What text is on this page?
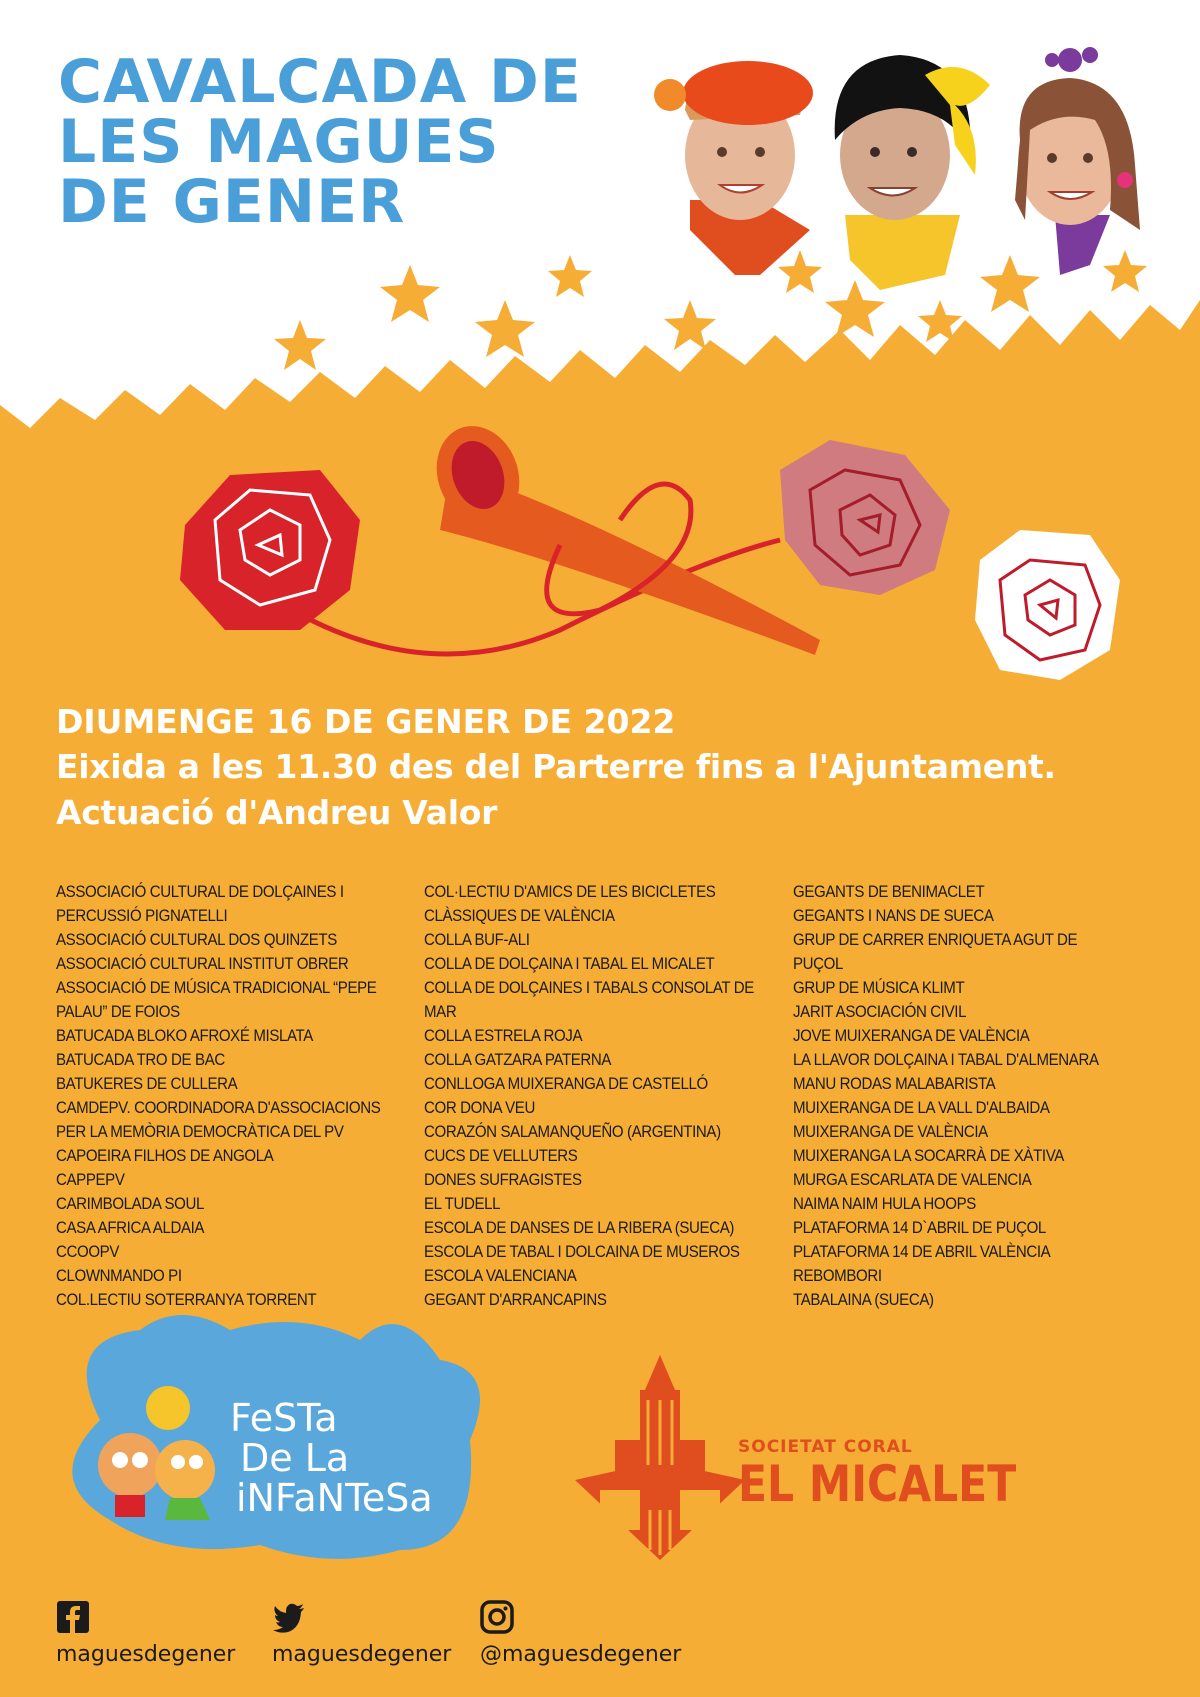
CAVALCADA DE
LES MAGUES
DE GENER
DIUMENGE 16 DE GENER DE 2022
Eixida a les 11.30 des del Parterre fins a l'Ajuntament.
Actuació d'Andreu Valor
ASSOCIACIÓ CULTURAL DE DOLÇAINES I
PERCUSSIÓ PIGNATELLI
ASSOCIACIÓ CULTURAL DOS QUINZETS
ASSOCIACIÓ CULTURAL INSTITUT OBRER
ASSOCIACIÓ DE MÚSICA TRADICIONAL “PEPE
PALAU” DE FOIOS
BATUCADA BLOKO AFROXÉ MISLATA
BATUCADA TRO DE BAC
BATUKERES DE CULLERA
CAMDEPV. COORDINADORA D'ASSOCIACIONS
PER LA MEMÒRIA DEMOCRÀTICA DEL PV
CAPOEIRA FILHOS DE ANGOLA
CAPPEPV
CARIMBOLADA SOUL
CASA AFRICA ALDAIA
CCOOPV
CLOWNMANDO PI
COL.LECTIU SOTERRANYA TORRENT
COL·LECTIU D'AMICS DE LES BICICLETES
CLÀSSIQUES DE VALÈNCIA
COLLA BUF-ALI
COLLA DE DOLÇAINA I TABAL EL MICALET
COLLA DE DOLÇAINES I TABALS CONSOLAT DE
MAR
COLLA ESTRELA ROJA
COLLA GATZARA PATERNA
CONLLOGA MUIXERANGA DE CASTELLÓ
COR DONA VEU
CORAZÓN SALAMANQUEÑO (ARGENTINA)
CUCS DE VELLUTERS
DONES SUFRAGISTES
EL TUDELL
ESCOLA DE DANSES DE LA RIBERA (SUECA)
ESCOLA DE TABAL I DOLCAINA DE MUSEROS
ESCOLA VALENCIANA
GEGANT D'ARRANCAPINS
GEGANTS DE BENIMACLET
GEGANTS I NANS DE SUECA
GRUP DE CARRER ENRIQUETA AGUT DE
PUÇOL
GRUP DE MÚSICA KLIMT
JARIT ASOCIACIÓN CIVIL
JOVE MUIXERANGA DE VALÈNCIA
LA LLAVOR DOLÇAINA I TABAL D'ALMENARA
MANU RODAS MALABARISTA
MUIXERANGA DE LA VALL D'ALBAIDA
MUIXERANGA DE VALÈNCIA
MUIXERANGA LA SOCARRÀ DE XÀTIVA
MURGA ESCARLATA DE VALENCIA
NAIMA NAIM HULA HOOPS
PLATAFORMA 14 D`ABRIL DE PUÇOL
PLATAFORMA 14 DE ABRIL VALÈNCIA
REBOMBORI
TABALAINA (SUECA)
FeSTa
De La
iNFaNTeSa
SOCIETAT CORAL
EL MICALET
maguesdegener maguesdegener @maguesdegener
